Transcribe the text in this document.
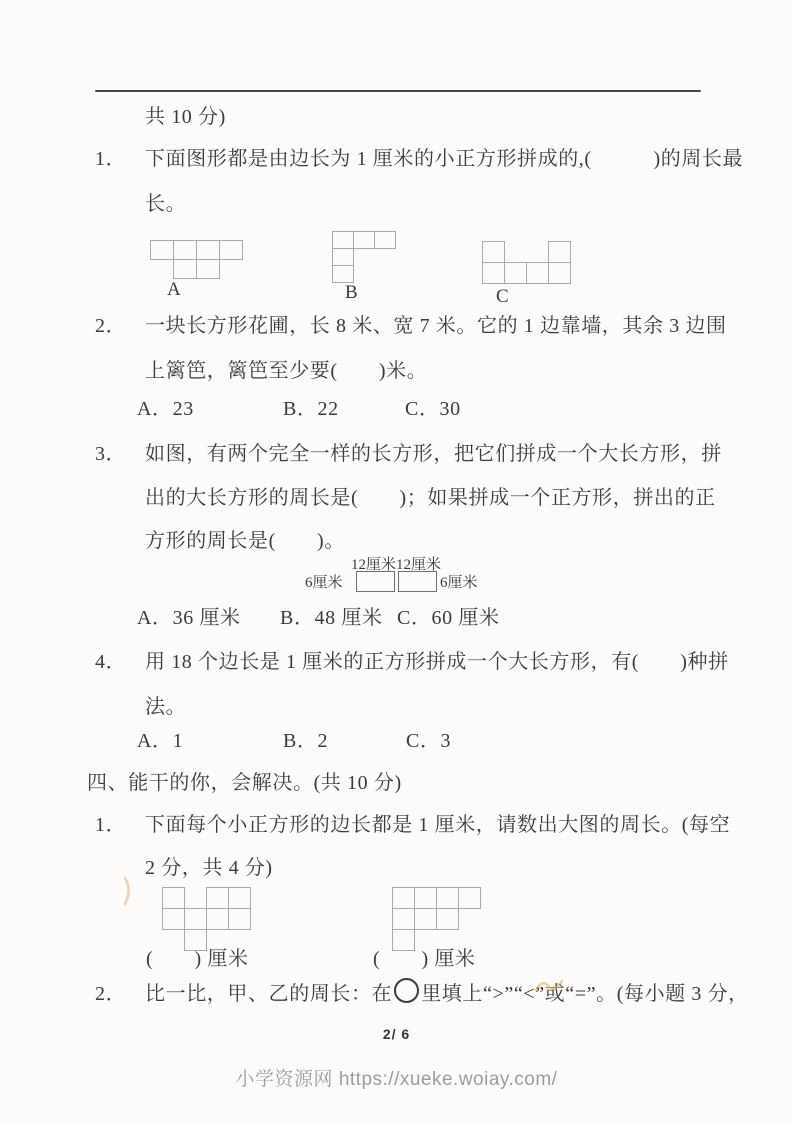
共 10 分)
1． 下面图形都是由边长为 1 厘米的小正方形拼成的,(　　　)的周长最
长。
A	B	C
2． 一块长方形花圃，长 8 米、宽 7 米。它的 1 边靠墙，其余 3 边围
上篱笆，篱笆至少要(　　)米。
A．23	B．22	C．30
3． 如图，有两个完全一样的长方形，把它们拼成一个大长方形，拼
出的大长方形的周长是(　　)；如果拼成一个正方形，拼出的正
方形的周长是(　　)。
12厘米12厘米
6厘米	6厘米
A．36 厘米 B．48 厘米 C．60 厘米
4． 用 18 个边长是 1 厘米的正方形拼成一个大长方形，有(　　)种拼
法。
A．1	B．2	C．3
四、能干的你，会解决。(共 10 分)
1． 下面每个小正方形的边长都是 1 厘米，请数出大图的周长。(每空
2 分，共 4 分)
(　　) 厘米	(　　) 厘米
2． 比一比，甲、乙的周长：在 里填上“>”“<”或“=”。(每小题 3 分，
2/ 6
小学资源网 https://xueke.woiay.com/
